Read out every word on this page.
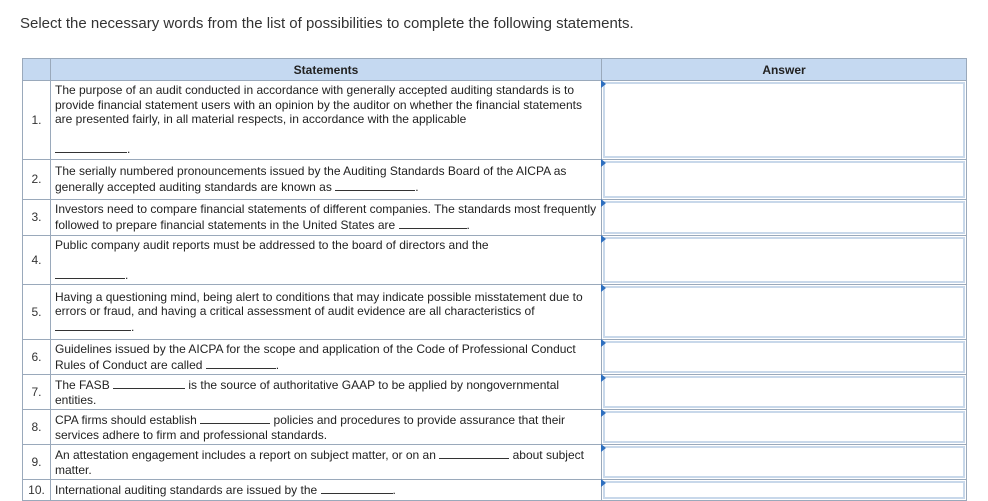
Select the necessary words from the list of possibilities to complete the following statements.
	Statements	Answer
1.	The purpose of an audit conducted in accordance with generally accepted auditing standards is to provide financial statement users with an opinion by the auditor on whether the financial statements are presented fairly, in all material respects, in accordance with the applicable

.	

2.	The serially numbered pronouncements issued by the Auditing Standards Board of the AICPA as generally accepted auditing standards are known as .	

3.	Investors need to compare financial statements of different companies. The standards most frequently followed to prepare financial statements in the United States are .	

4.	Public company audit reports must be addressed to the board of directors and the

.	

5.	Having a questioning mind, being alert to conditions that may indicate possible misstatement due to errors or fraud, and having a critical assessment of audit evidence are all characteristics of .	

6.	Guidelines issued by the AICPA for the scope and application of the Code of Professional Conduct Rules of Conduct are called .	

7.	The FASB is the source of authoritative GAAP to be applied by nongovernmental entities.	

8.	CPA firms should establish policies and procedures to provide assurance that their services adhere to firm and professional standards.	

9.	An attestation engagement includes a report on subject matter, or on an about subject matter.	

10.	International auditing standards are issued by the .	
